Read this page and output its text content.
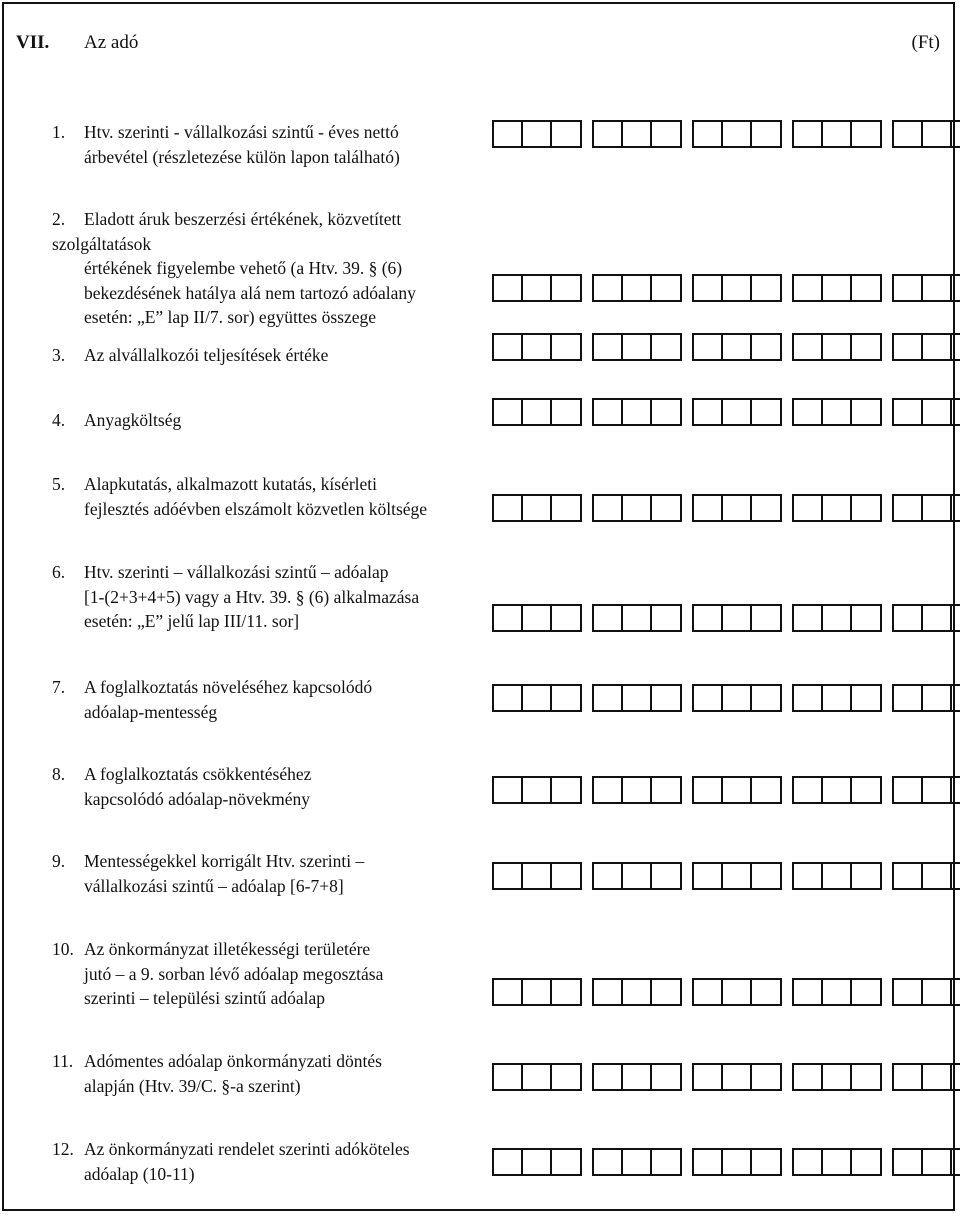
VII. Az adó	(Ft)
1. Htv. szerinti - vállalkozási szintű - éves nettó
árbevétel (részletezése külön lapon található)
2. Eladott áruk beszerzési értékének, közvetített szolgáltatások
értékének figyelembe vehető (a Htv. 39. § (6)
bekezdésének hatálya alá nem tartozó adóalany
esetén: „E” lap II/7. sor) együttes összege
3. Az alvállalkozói teljesítések értéke
4. Anyagköltség
5. Alapkutatás, alkalmazott kutatás, kísérleti
fejlesztés adóévben elszámolt közvetlen költsége
6. Htv. szerinti – vállalkozási szintű – adóalap
[1-(2+3+4+5) vagy a Htv. 39. § (6) alkalmazása
esetén: „E” jelű lap III/11. sor]
7. A foglalkoztatás növeléséhez kapcsolódó
adóalap-mentesség
8. A foglalkoztatás csökkentéséhez
kapcsolódó adóalap-növekmény
9. Mentességekkel korrigált Htv. szerinti –
vállalkozási szintű – adóalap [6-7+8]
10. Az önkormányzat illetékességi területére
jutó – a 9. sorban lévő adóalap megosztása
szerinti – települési szintű adóalap
11. Adómentes adóalap önkormányzati döntés
alapján (Htv. 39/C. §-a szerint)
12. Az önkormányzati rendelet szerinti adóköteles
adóalap (10-11)
